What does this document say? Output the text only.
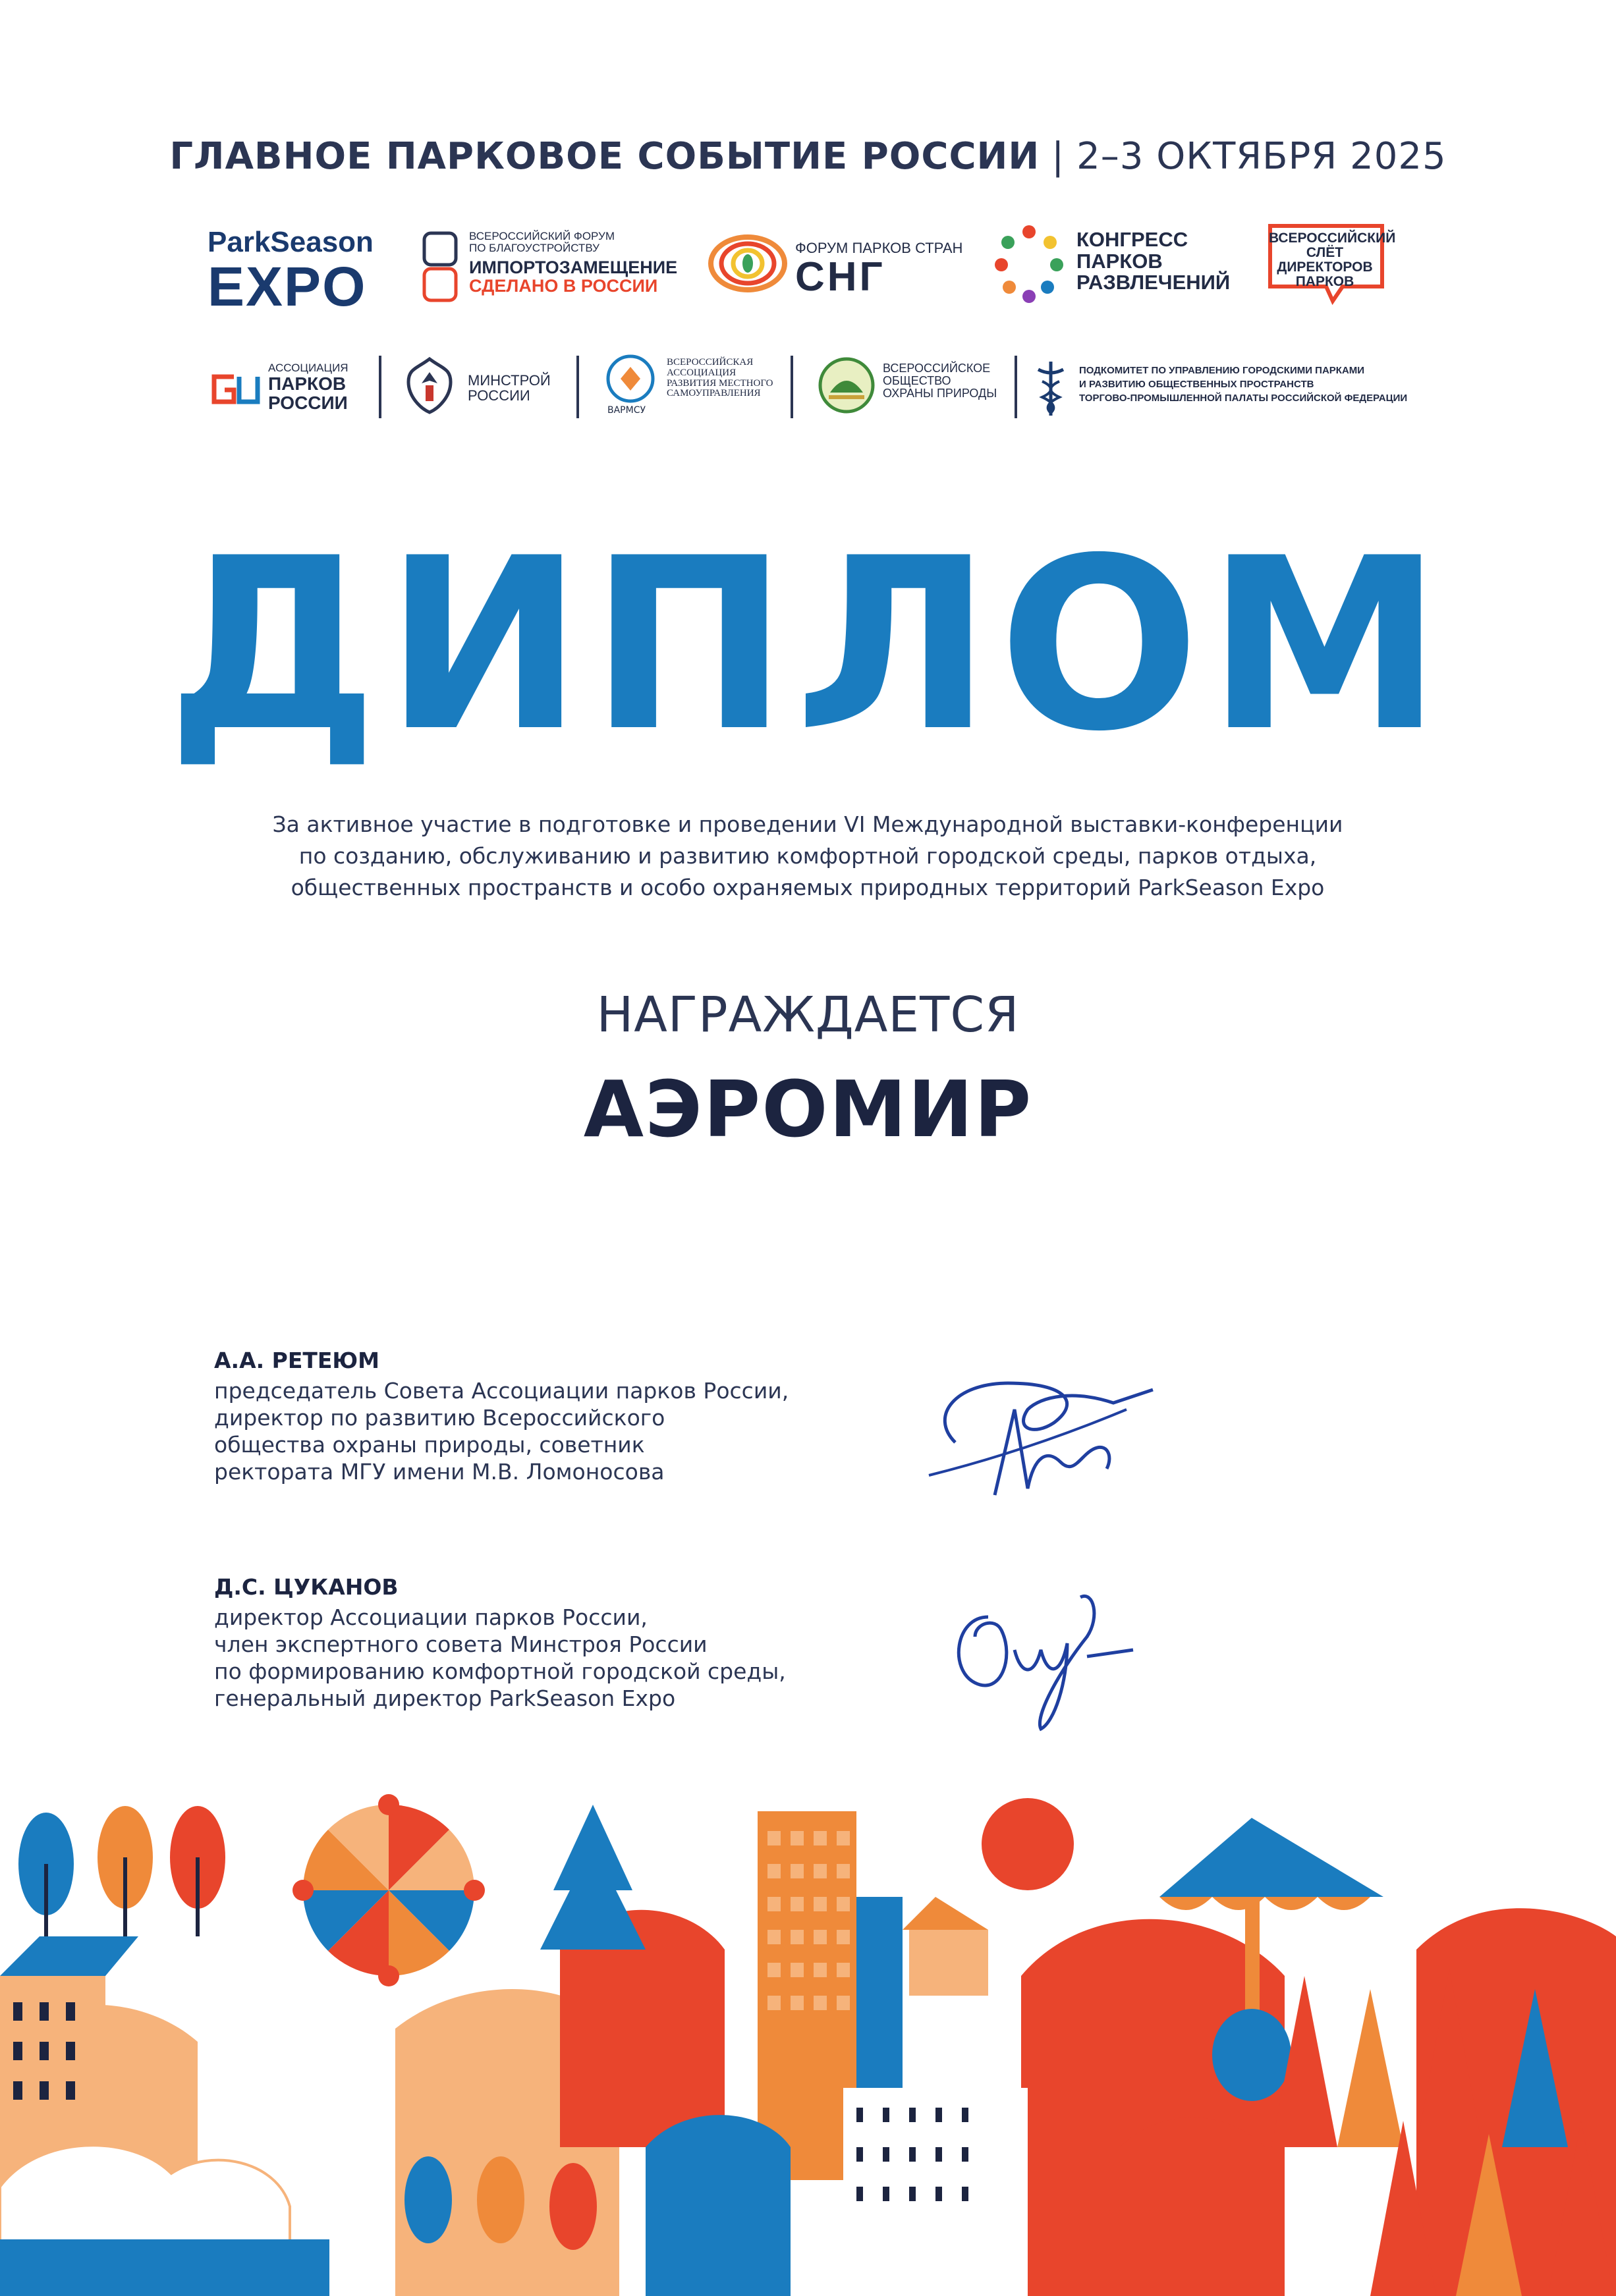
ГЛАВНОЕ ПАРКОВОЕ СОБЫТИЕ РОССИИ | 2–3 ОКТЯБРЯ 2025
ParkSeason
EXPO
ВСЕРОССИЙСКИЙ ФОРУМ
ПО БЛАГОУСТРОЙСТВУ
ИМПОРТОЗАМЕЩЕНИЕ
СДЕЛАНО В РОССИИ
ФОРУМ ПАРКОВ СТРАН
СНГ
КОНГРЕСС
ПАРКОВ
РАЗВЛЕЧЕНИЙ
ВСЕРОССИЙСКИЙ
СЛЁТ ДИРЕКТОРОВ
ПАРКОВ
АССОЦИАЦИЯ
ПАРКОВ
РОССИИ
МИНСТРОЙ
РОССИИ
ВАРМСУ
ВСЕРОССИЙСКАЯ
АССОЦИАЦИЯ
РАЗВИТИЯ МЕСТНОГО
САМОУПРАВЛЕНИЯ
ВСЕРОССИЙСКОЕ
ОБЩЕСТВО
ОХРАНЫ ПРИРОДЫ
ПОДКОМИТЕТ ПО УПРАВЛЕНИЮ ГОРОДСКИМИ ПАРКАМИ
И РАЗВИТИЮ ОБЩЕСТВЕННЫХ ПРОСТРАНСТВ
ТОРГОВО-ПРОМЫШЛЕННОЙ ПАЛАТЫ РОССИЙСКОЙ ФЕДЕРАЦИИ
ДИПЛОМ
За активное участие в подготовке и проведении VI Международной выставки-конференции
по созданию, обслуживанию и развитию комфортной городской среды, парков отдыха,
общественных пространств и особо охраняемых природных территорий ParkSeason Expo
НАГРАЖДАЕТСЯ
АЭРОМИР
А.А. РЕТЕЮМ
председатель Совета Ассоциации парков России,
директор по развитию Всероссийского
общества охраны природы, советник
ректората МГУ имени М.В. Ломоносова
Д.С. ЦУКАНОВ
директор Ассоциации парков России,
член экспертного совета Минстроя России
по формированию комфортной городской среды,
генеральный директор ParkSeason Expo
